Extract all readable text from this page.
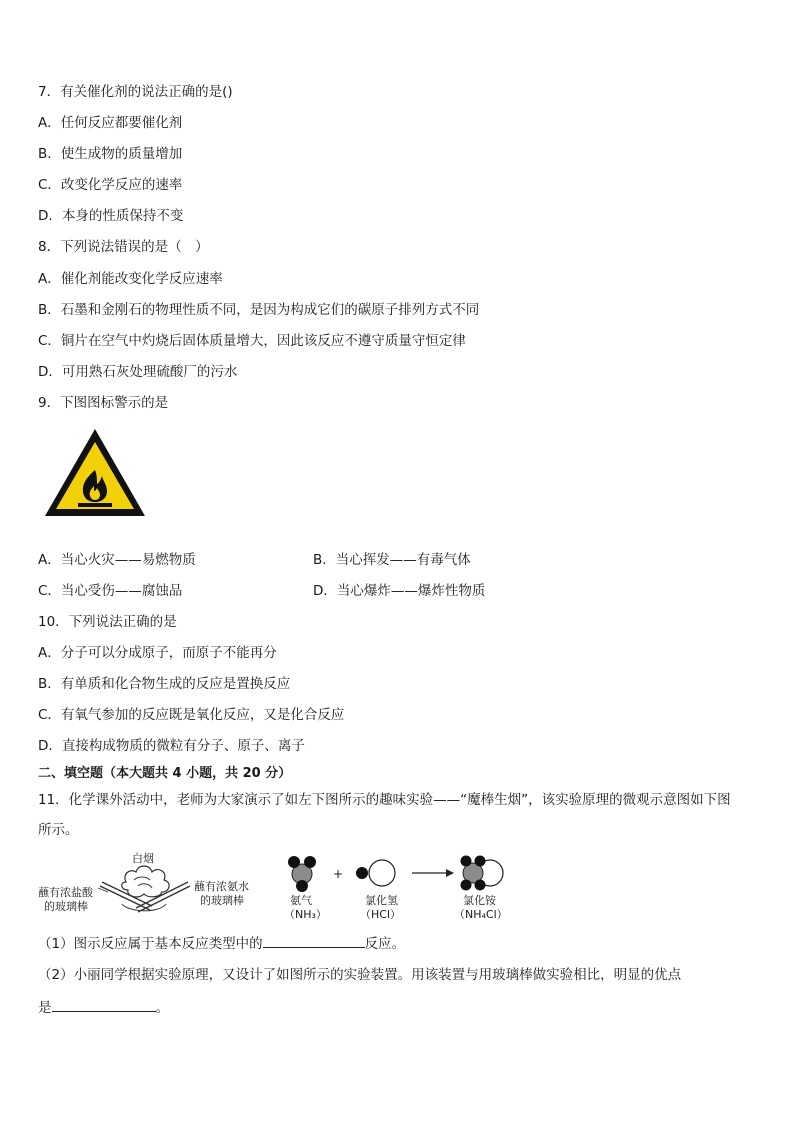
7．有关催化剂的说法正确的是()
A．任何反应都要催化剂
B．使生成物的质量增加
C．改变化学反应的速率
D．本身的性质保持不变
8．下列说法错误的是（　）
A．催化剂能改变化学反应速率
B．石墨和金刚石的物理性质不同，是因为构成它们的碳原子排列方式不同
C．铜片在空气中灼烧后固体质量增大，因此该反应不遵守质量守恒定律
D．可用熟石灰处理硫酸厂的污水
9．下图图标警示的是
A．当心火灾——易燃物质	B．当心挥发——有毒气体
C．当心受伤——腐蚀品	D．当心爆炸——爆炸性物质
10．下列说法正确的是
A．分子可以分成原子，而原子不能再分
B．有单质和化合物生成的反应是置换反应
C．有氧气参加的反应既是氧化反应，又是化合反应
D．直接构成物质的微粒有分子、原子、离子
二、填空题（本大题共 4 小题，共 20 分）
11．化学课外活动中，老师为大家演示了如左下图所示的趣味实验——“魔棒生烟”，该实验原理的微观示意图如下图
所示。
白烟
蘸有浓盐酸
的玻璃棒
蘸有浓氨水
的玻璃棒
+
氨气
（NH₃）
氯化氢
（HCl）
氯化铵
（NH₄Cl）
（1）图示反应属于基本反应类型中的	反应。
（2）小丽同学根据实验原理，又设计了如图所示的实验装置。用该装置与用玻璃棒做实验相比，明显的优点
是	。
